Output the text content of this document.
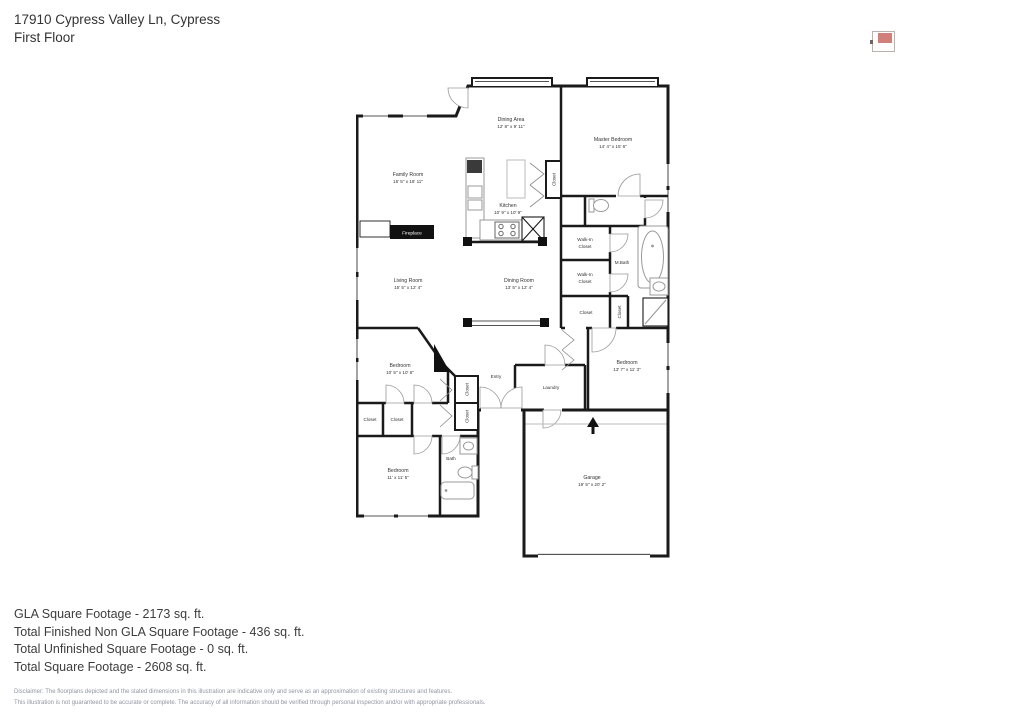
17910 Cypress Valley Ln, Cypress
First Floor
Fireplace
Family Room
15' 5" x 16' 11"
Dining Area
12' 8" x 9' 11"
Master Bedroom
14' 4" x 15' 6"
Kitchen
10' 9" x 10' 9"
Living Room
15' 5" x 12' 4"
Dining Room
13' 5" x 12' 4"
Bedroom
10' 5" x 10' 6"
Bedroom
13' 7" x 11' 3"
Bedroom
11' x 11' 5"	Garage
19' 5" x 20' 2"
Walk-In
Closet
Walk-In
Closet
Closet
M.Bath
Entry
Laundry
Bath
Closet	Closet
Closet
Closet
Closet
Closet
GLA Square Footage - 2173 sq. ft.
Total Finished Non GLA Square Footage - 436 sq. ft.
Total Unfinished Square Footage - 0 sq. ft.
Total Square Footage - 2608 sq. ft.
Disclaimer: The floorplans depicted and the stated dimensions in this illustration are indicative only and serve as an approximation of existing structures and features.
This illustration is not guaranteed to be accurate or complete. The accuracy of all information should be verified through personal inspection and/or with appropriate professionals.
